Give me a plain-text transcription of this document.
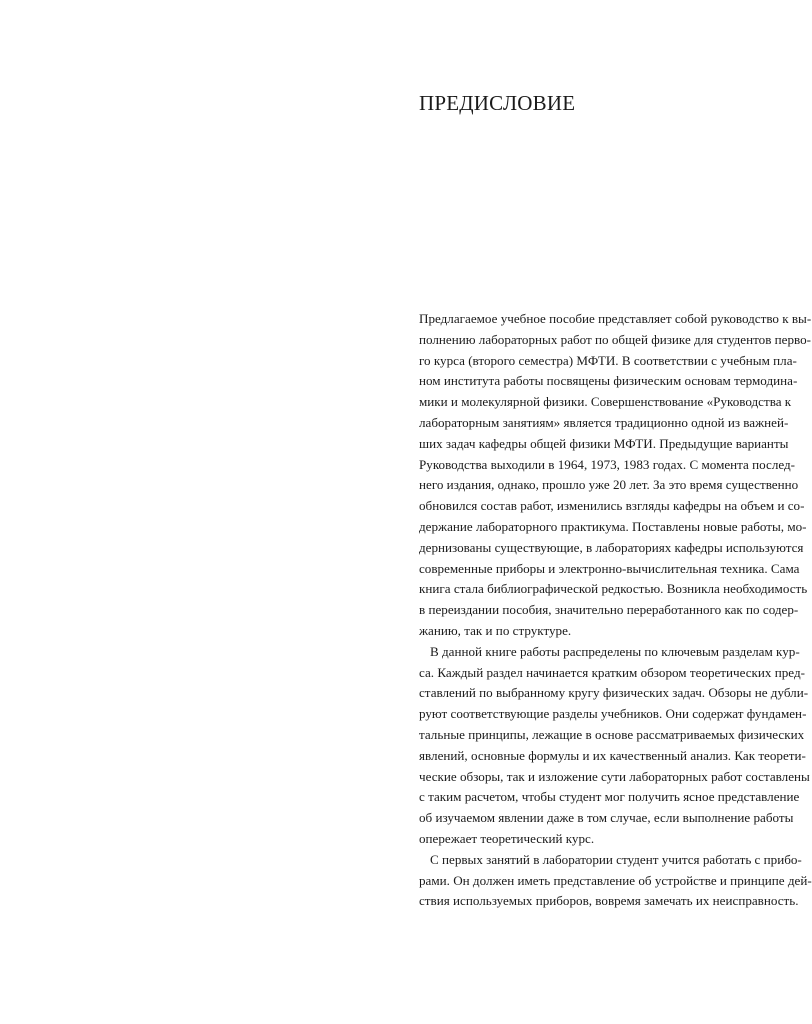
ПРЕДИСЛОВИЕ
Предлагаемое учебное пособие представляет собой руководство к вы-
полнению лабораторных работ по общей физике для студентов перво-
го курса (второго семестра) МФТИ. В соответствии с учебным пла-
ном института работы посвящены физическим основам термодина-
мики и молекулярной физики. Совершенствование «Руководства к
лабораторным занятиям» является традиционно одной из важней-
ших задач кафедры общей физики МФТИ. Предыдущие варианты
Руководства выходили в 1964, 1973, 1983 годах. С момента послед-
него издания, однако, прошло уже 20 лет. За это время существенно
обновился состав работ, изменились взгляды кафедры на объем и со-
держание лабораторного практикума. Поставлены новые работы, мо-
дернизованы существующие, в лабораториях кафедры используются
современные приборы и электронно-вычислительная техника. Сама
книга стала библиографической редкостью. Возникла необходимость
в переиздании пособия, значительно переработанного как по содер-
жанию, так и по структуре.
В данной книге работы распределены по ключевым разделам кур-
са. Каждый раздел начинается кратким обзором теоретических пред-
ставлений по выбранному кругу физических задач. Обзоры не дубли-
руют соответствующие разделы учебников. Они содержат фундамен-
тальные принципы, лежащие в основе рассматриваемых физических
явлений, основные формулы и их качественный анализ. Как теорети-
ческие обзоры, так и изложение сути лабораторных работ составлены
с таким расчетом, чтобы студент мог получить ясное представление
об изучаемом явлении даже в том случае, если выполнение работы
опережает теоретический курс.
С первых занятий в лаборатории студент учится работать с прибо-
рами. Он должен иметь представление об устройстве и принципе дей-
ствия используемых приборов, вовремя замечать их неисправность.
